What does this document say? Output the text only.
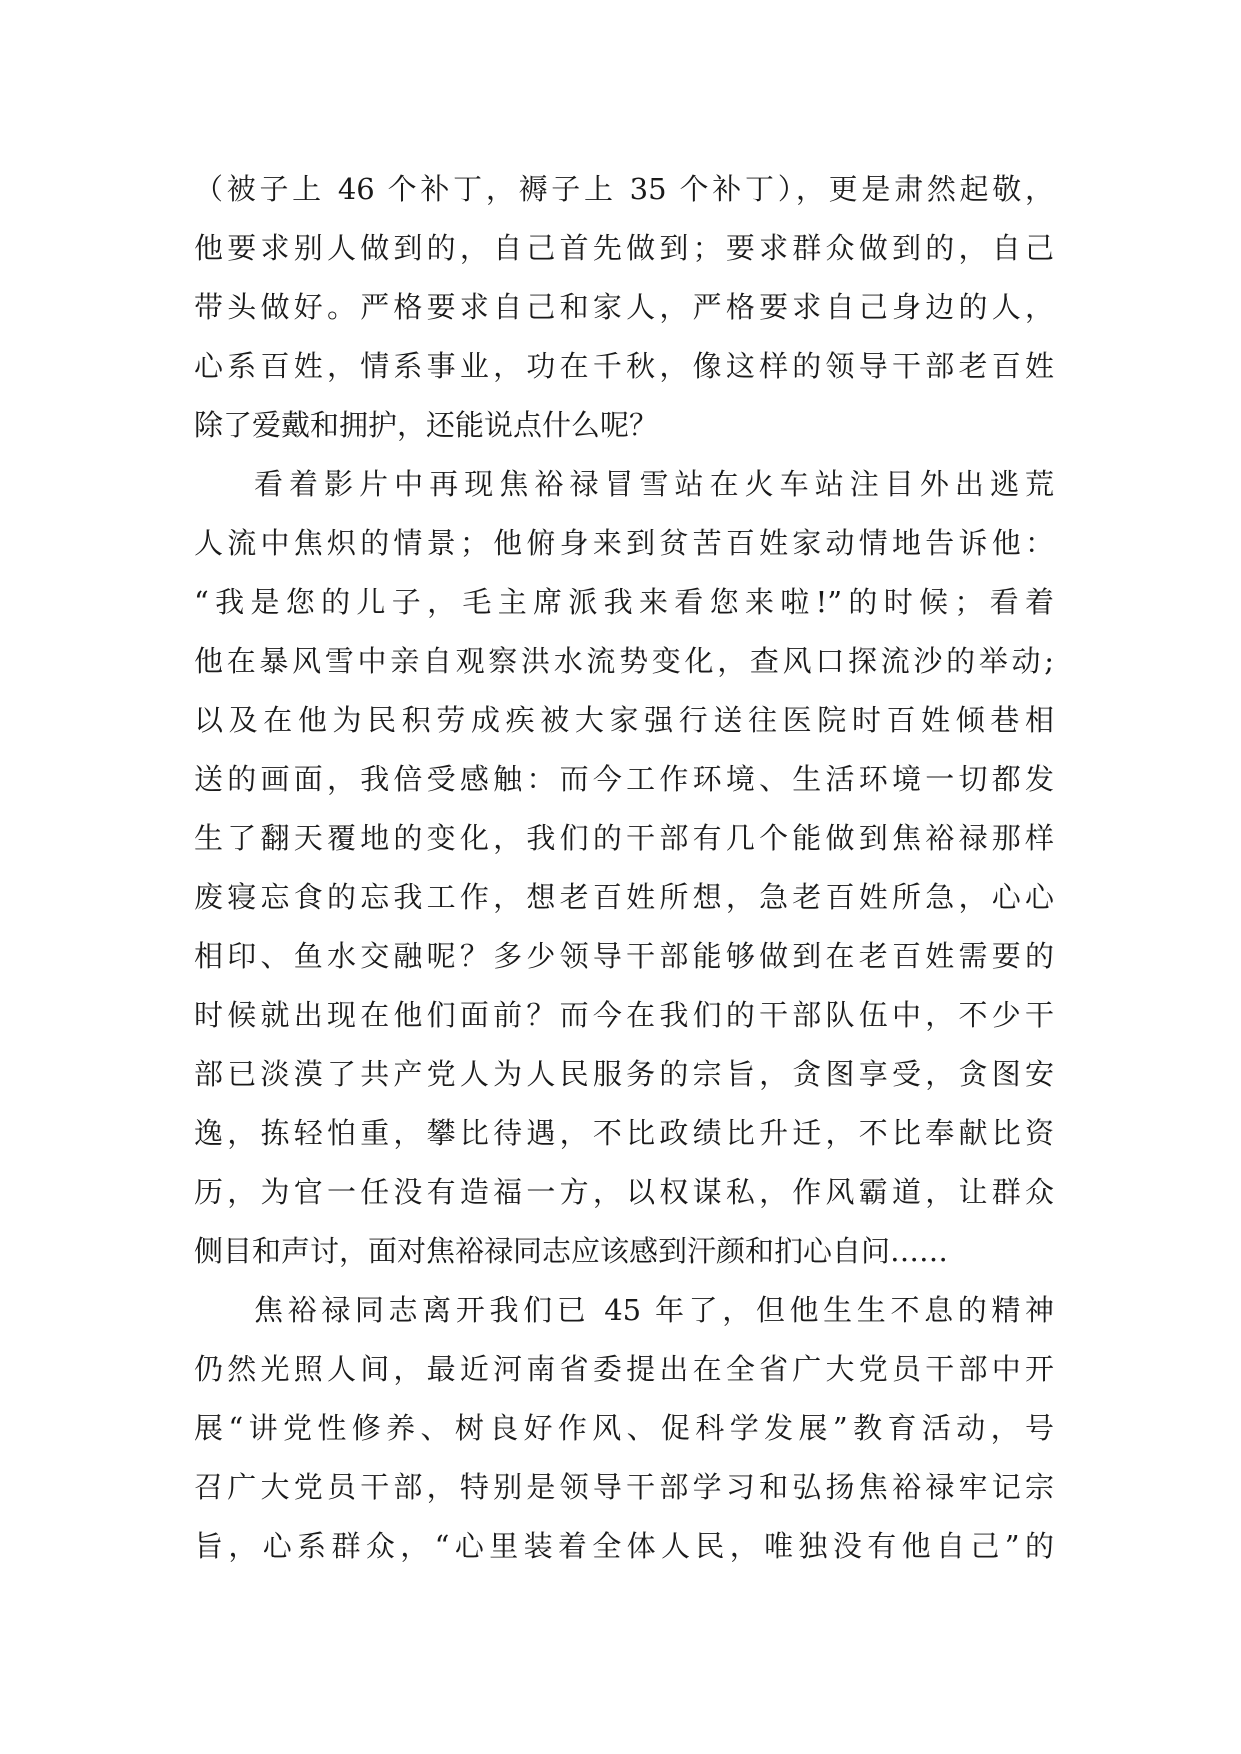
（被子上 46 个补丁，褥子上 35 个补丁），更是肃然起敬，
他要求别人做到的，自己首先做到；要求群众做到的，自己
带头做好。严格要求自己和家人，严格要求自己身边的人，
心系百姓，情系事业，功在千秋，像这样的领导干部老百姓
除了爱戴和拥护，还能说点什么呢？
看着影片中再现焦裕禄冒雪站在火车站注目外出逃荒
人流中焦炽的情景；他俯身来到贫苦百姓家动情地告诉他：
“我是您的儿子，毛主席派我来看您来啦!”的时候；看着
他在暴风雪中亲自观察洪水流势变化，查风口探流沙的举动;
以及在他为民积劳成疾被大家强行送往医院时百姓倾巷相
送的画面，我倍受感触：而今工作环境、生活环境一切都发
生了翻天覆地的变化，我们的干部有几个能做到焦裕禄那样
废寝忘食的忘我工作，想老百姓所想，急老百姓所急，心心
相印、鱼水交融呢？多少领导干部能够做到在老百姓需要的
时候就出现在他们面前？而今在我们的干部队伍中，不少干
部已淡漠了共产党人为人民服务的宗旨，贪图享受，贪图安
逸，拣轻怕重，攀比待遇，不比政绩比升迁，不比奉献比资
历，为官一任没有造福一方，以权谋私，作风霸道，让群众
侧目和声讨，面对焦裕禄同志应该感到汗颜和扪心自问……
焦裕禄同志离开我们已 45 年了，但他生生不息的精神
仍然光照人间，最近河南省委提出在全省广大党员干部中开
展“讲党性修养、树良好作风、促科学发展”教育活动，号
召广大党员干部，特别是领导干部学习和弘扬焦裕禄牢记宗
旨，心系群众，“心里装着全体人民，唯独没有他自己”的
